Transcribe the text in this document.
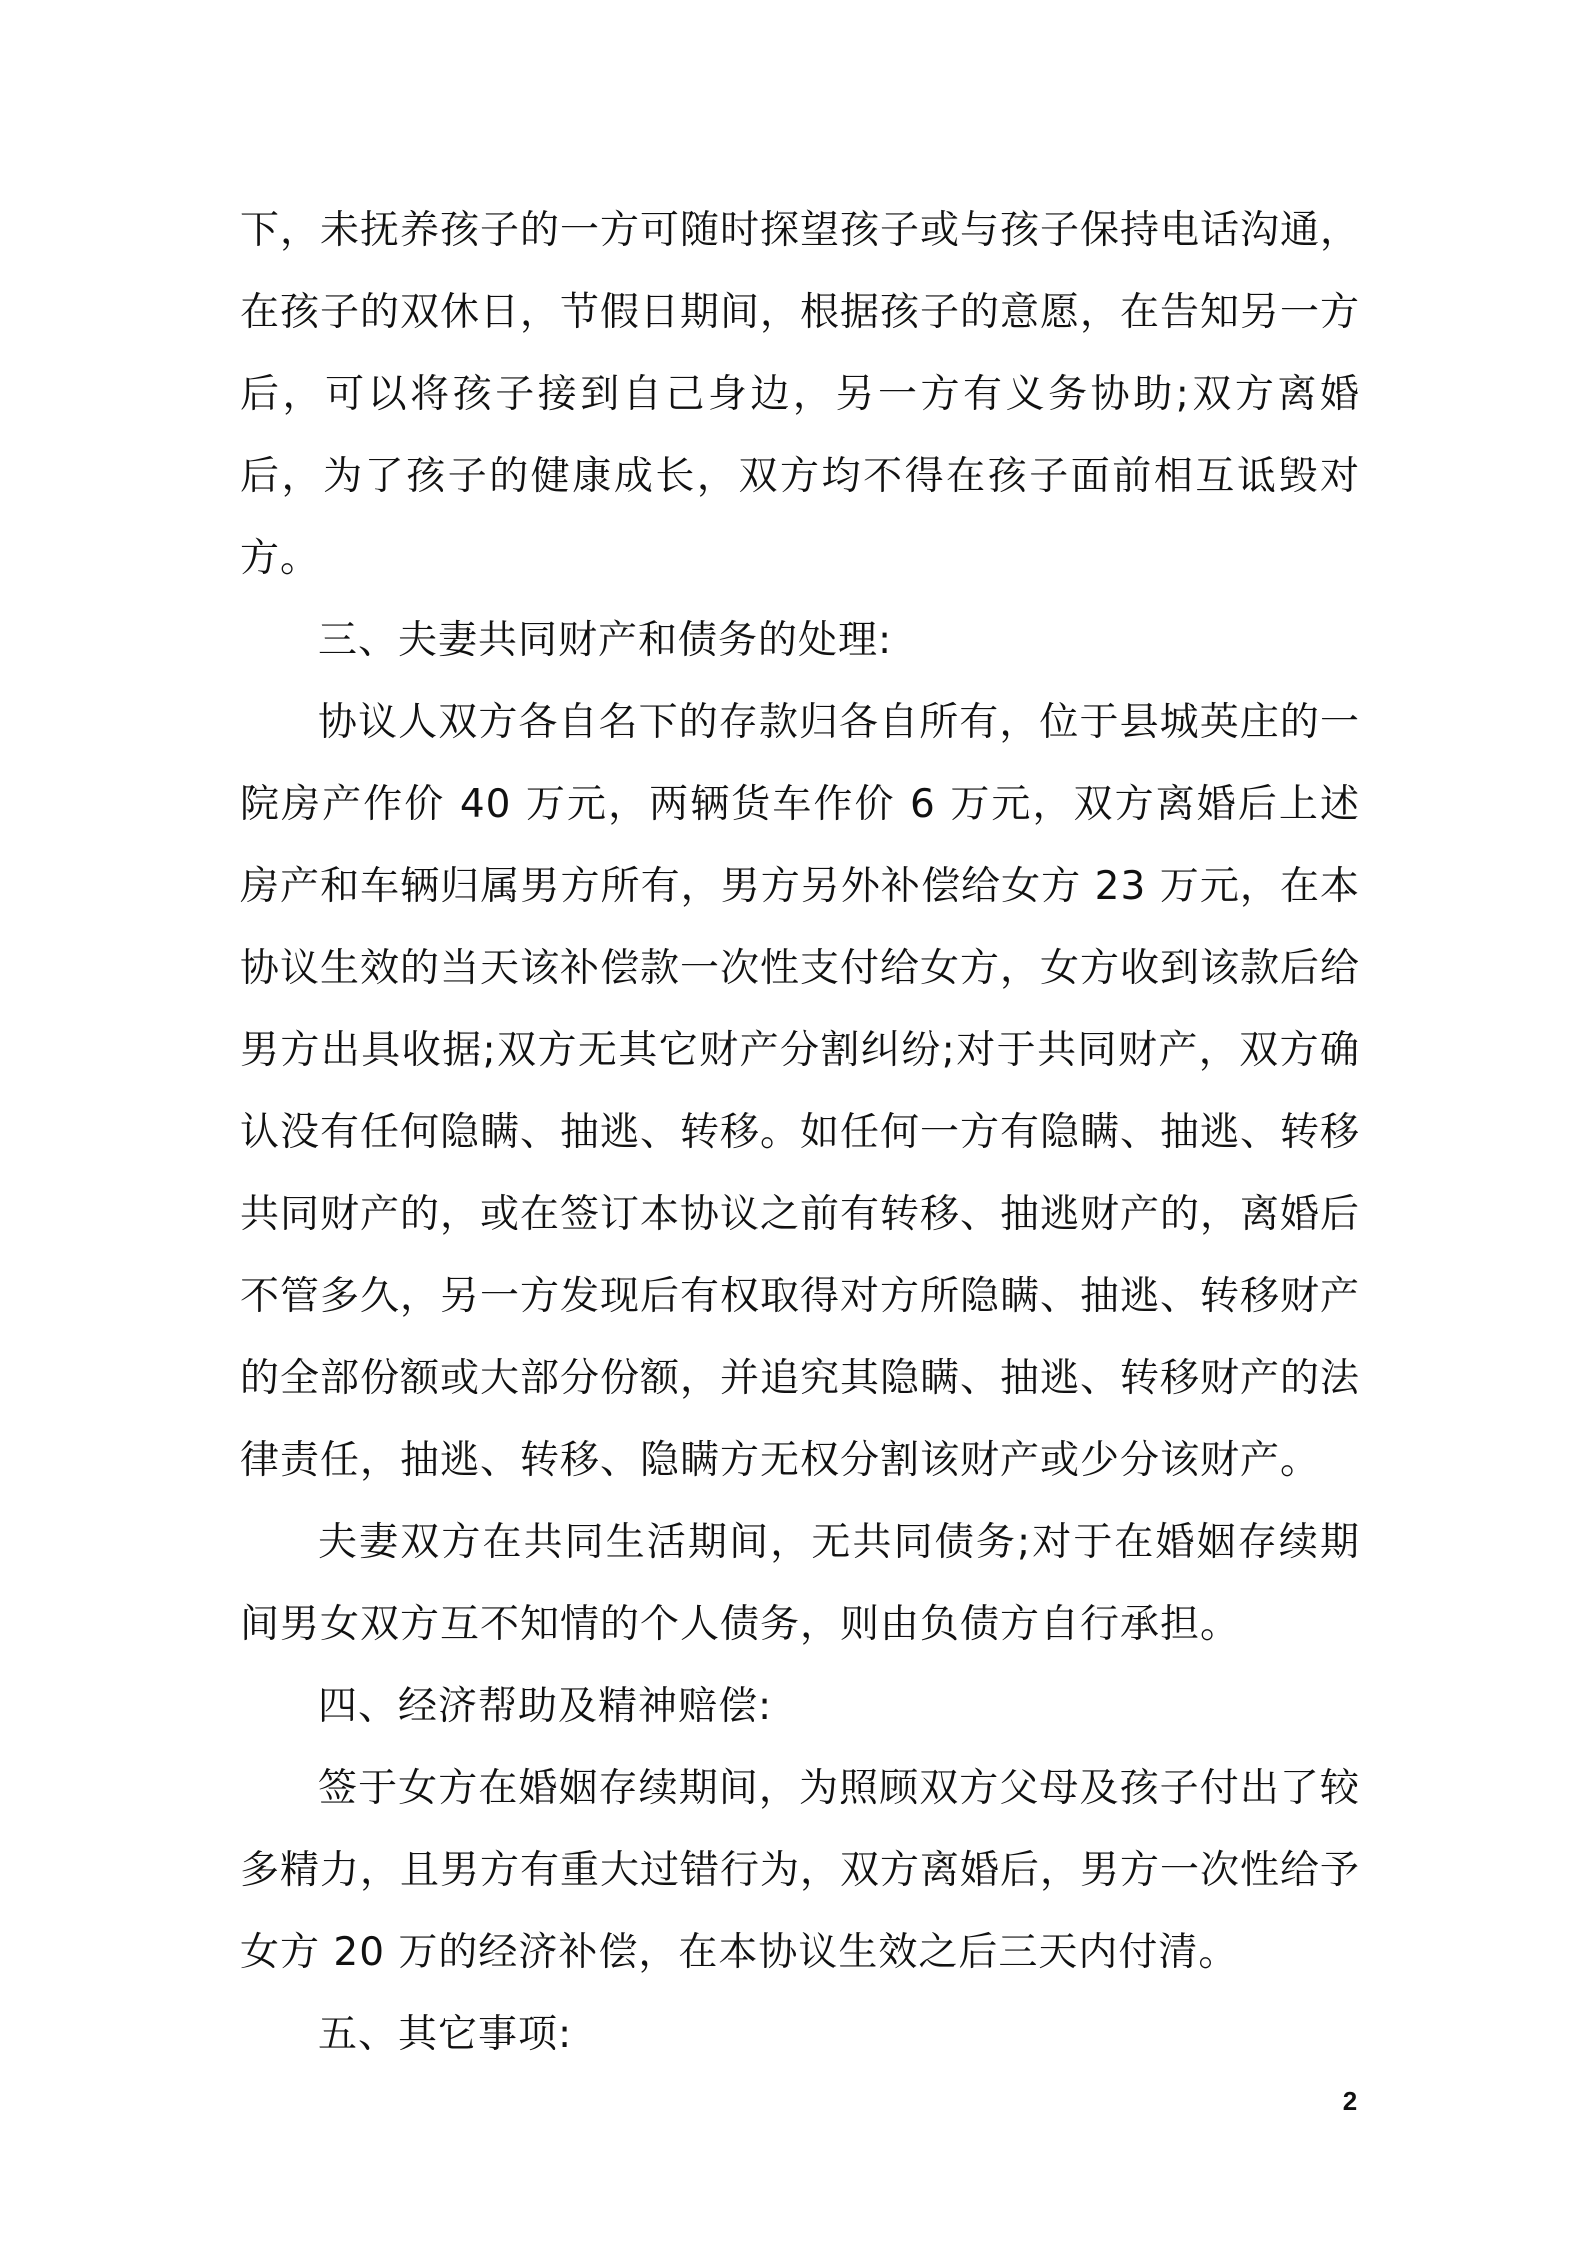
下，未抚养孩子的一方可随时探望孩子或与孩子保持电话沟通，在孩子的双休日，节假日期间，根据孩子的意愿，在告知另一方后，可以将孩子接到自己身边，另一方有义务协助;双方离婚后，为了孩子的健康成长，双方均不得在孩子面前相互诋毁对方。

三、夫妻共同财产和债务的处理:

协议人双方各自名下的存款归各自所有，位于县城英庄的一院房产作价 40 万元，两辆货车作价 6 万元，双方离婚后上述房产和车辆归属男方所有，男方另外补偿给女方 23 万元，在本协议生效的当天该补偿款一次性支付给女方，女方收到该款后给男方出具收据;双方无其它财产分割纠纷;对于共同财产，双方确认没有任何隐瞒、抽逃、转移。如任何一方有隐瞒、抽逃、转移共同财产的，或在签订本协议之前有转移、抽逃财产的，离婚后不管多久，另一方发现后有权取得对方所隐瞒、抽逃、转移财产的全部份额或大部分份额，并追究其隐瞒、抽逃、转移财产的法律责任，抽逃、转移、隐瞒方无权分割该财产或少分该财产。

夫妻双方在共同生活期间，无共同债务;对于在婚姻存续期间男女双方互不知情的个人债务，则由负债方自行承担。

四、经济帮助及精神赔偿:

签于女方在婚姻存续期间，为照顾双方父母及孩子付出了较多精力，且男方有重大过错行为，双方离婚后，男方一次性给予女方 20 万的经济补偿，在本协议生效之后三天内付清。

五、其它事项:

2
